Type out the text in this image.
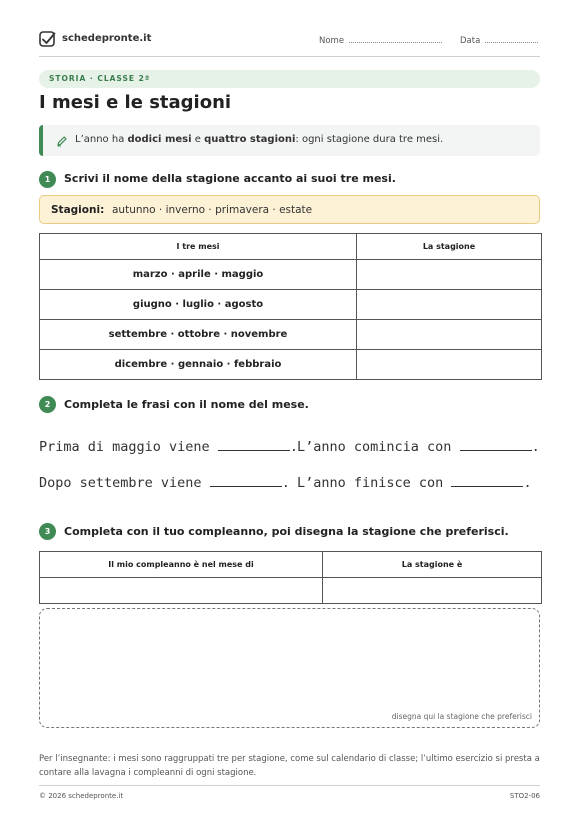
schedepronte.it	Nome	Data
STORIA · CLASSE 2ª
I mesi e le stagioni
L’anno ha dodici mesi e quattro stagioni: ogni stagione dura tre mesi.
1	Scrivi il nome della stagione accanto ai suoi tre mesi.
Stagioni: autunno · inverno · primavera · estate
I tre mesi	La stagione
marzo · aprile · maggio	
giugno · luglio · agosto	
settembre · ottobre · novembre	
dicembre · gennaio · febbraio	
2	Completa le frasi con il nome del mese.
Prima di maggio viene	. L’anno comincia con	.
Dopo settembre viene	. L’anno finisce con	.
3	Completa con il tuo compleanno, poi disegna la stagione che preferisci.
Il mio compleanno è nel mese di	La stagione è

disegna qui la stagione che preferisci
Per l’insegnante: i mesi sono raggruppati tre per stagione, come sul calendario di classe; l’ultimo esercizio si presta a contare alla lavagna i compleanni di ogni stagione.
© 2026 schedepronte.it	STO2-06
